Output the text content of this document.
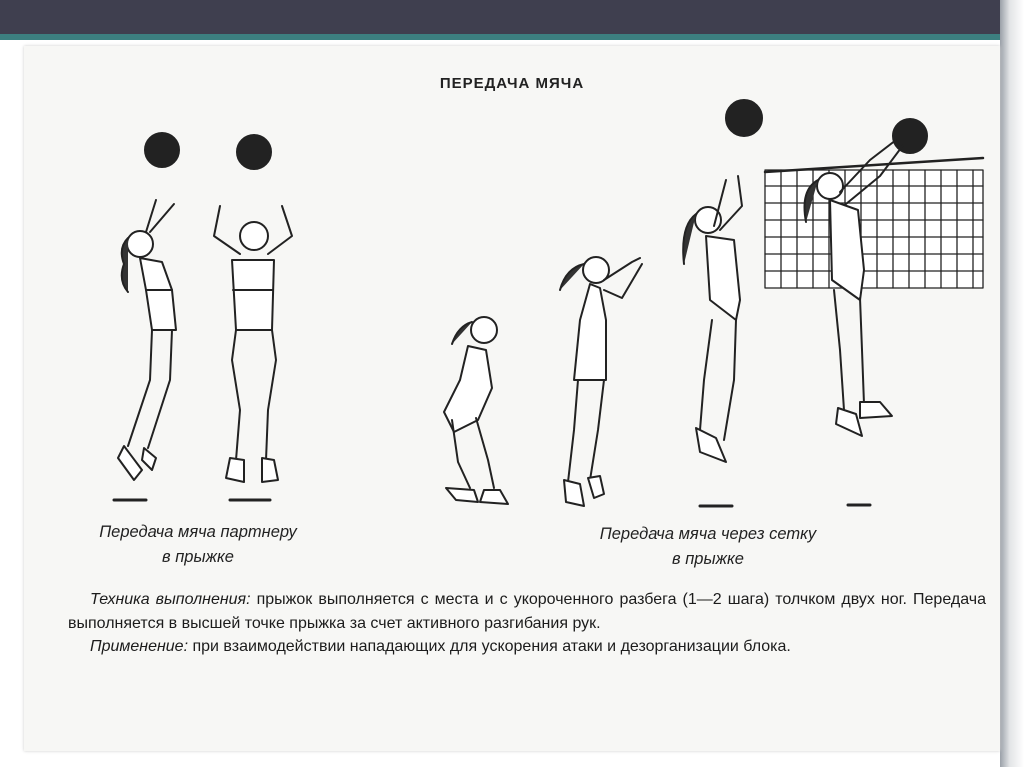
ПЕРЕДАЧА МЯЧА
Передача мяча партнеру
в прыжке
Передача мяча через сетку
в прыжке

Техника выполнения: прыжок выполняется с места и с укороченного разбега (1—2 шага) толчком двух ног. Передача выполняется в высшей точке прыжка за счет активного разгибания рук.

Применение: при взаимодействии нападающих для ускорения атаки и дезорганизации блока.
